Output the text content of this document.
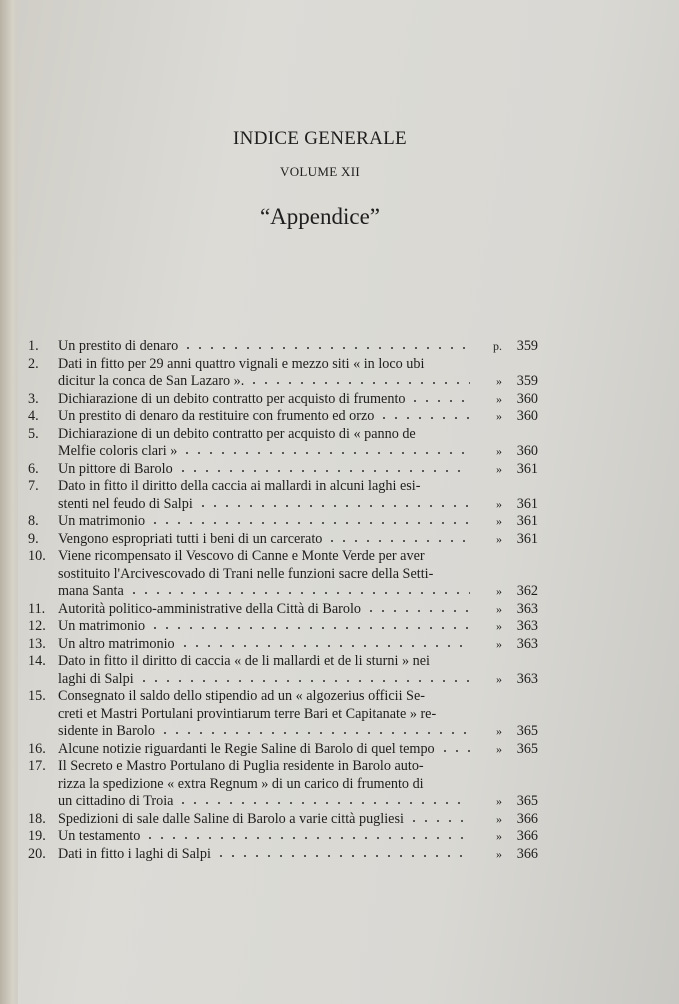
INDICE GENERALE
VOLUME XII
“Appendice”
1.	Un prestito di denaro	p.	359
2.	Dati in fitto per 29 anni quattro vignali e mezzo siti « in loco ubi
dicitur la conca de San Lazaro ».	»	359
3.	Dichiarazione di un debito contratto per acquisto di frumento	»	360
4.	Un prestito di denaro da restituire con frumento ed orzo	»	360
5.	Dichiarazione di un debito contratto per acquisto di « panno de
Melfie coloris clari »	»	360
6.	Un pittore di Barolo	»	361
7.	Dato in fitto il diritto della caccia ai mallardi in alcuni laghi esi-
stenti nel feudo di Salpi	»	361
8.	Un matrimonio	»	361
9.	Vengono espropriati tutti i beni di un carcerato	»	361
10. Viene ricompensato il Vescovo di Canne e Monte Verde per aver
sostituito l'Arcivescovado di Trani nelle funzioni sacre della Setti-
mana Santa	»	362
11. Autorità politico-amministrative della Città di Barolo	»	363
12. Un matrimonio	»	363
13. Un altro matrimonio	»	363
14. Dato in fitto il diritto di caccia « de li mallardi et de li sturni » nei
laghi di Salpi	»	363
15. Consegnato il saldo dello stipendio ad un « algozerius officii Se-
creti et Mastri Portulani provintiarum terre Bari et Capitanate » re-
sidente in Barolo	»	365
16. Alcune notizie riguardanti le Regie Saline di Barolo di quel tempo	»	365
17. Il Secreto e Mastro Portulano di Puglia residente in Barolo auto-
rizza la spedizione « extra Regnum » di un carico di frumento di
un cittadino di Troia	»	365
18. Spedizioni di sale dalle Saline di Barolo a varie città pugliesi	»	366
19. Un testamento	»	366
20. Dati in fitto i laghi di Salpi	»	366
